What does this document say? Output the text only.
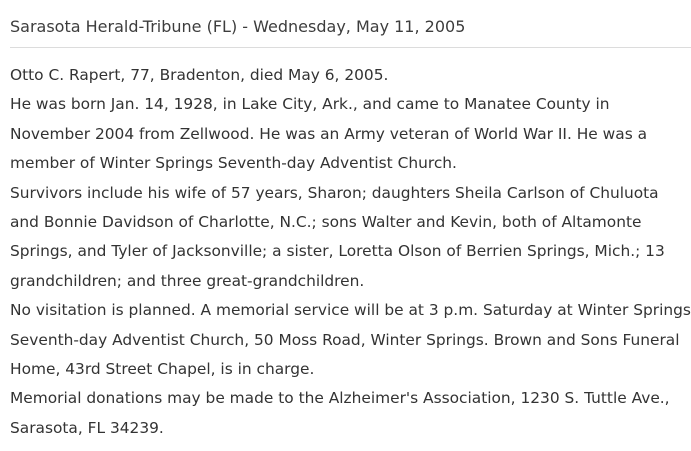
Sarasota Herald-Tribune (FL) - Wednesday, May 11, 2005

Otto C. Rapert, 77, Bradenton, died May 6, 2005.

He was born Jan. 14, 1928, in Lake City, Ark., and came to Manatee County in November 2004 from Zellwood. He was an Army veteran of World War II. He was a member of Winter Springs Seventh-day Adventist Church.

Survivors include his wife of 57 years, Sharon; daughters Sheila Carlson of Chuluota and Bonnie Davidson of Charlotte, N.C.; sons Walter and Kevin, both of Altamonte Springs, and Tyler of Jacksonville; a sister, Loretta Olson of Berrien Springs, Mich.; 13 grandchildren; and three great-grandchildren.

No visitation is planned. A memorial service will be at 3 p.m. Saturday at Winter Springs Seventh-day Adventist Church, 50 Moss Road, Winter Springs. Brown and Sons Funeral Home, 43rd Street Chapel, is in charge.

Memorial donations may be made to the Alzheimer's Association, 1230 S. Tuttle Ave., Sarasota, FL 34239.
